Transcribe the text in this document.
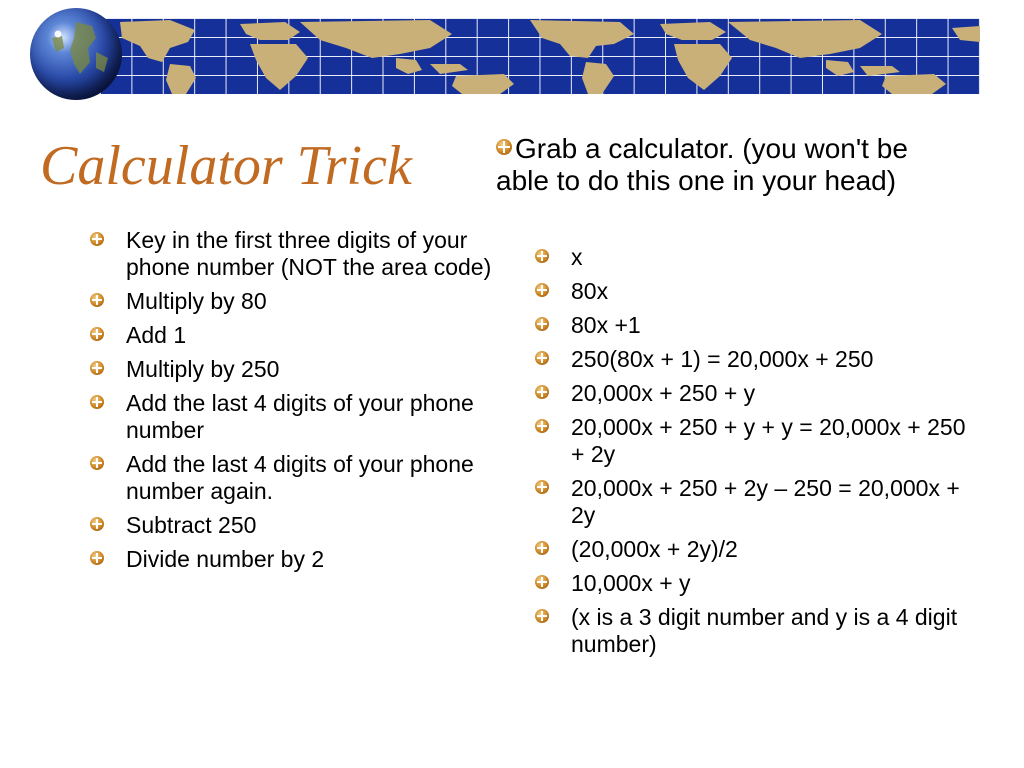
Calculator Trick	Grab a calculator. (you won't be able to do this one in your head)
Key in the first three digits of your phone number (NOT the area code)
Multiply by 80
Add 1
Multiply by 250
Add the last 4 digits of your phone number
Add the last 4 digits of your phone number again.
Subtract 250
Divide number by 2
x
80x
80x +1
250(80x + 1) = 20,000x + 250
20,000x + 250 + y
20,000x + 250 + y + y = 20,000x + 250 + 2y
20,000x + 250 + 2y – 250 = 20,000x + 2y
(20,000x + 2y)/2
10,000x + y
(x is a 3 digit number and y is a 4 digit number)
